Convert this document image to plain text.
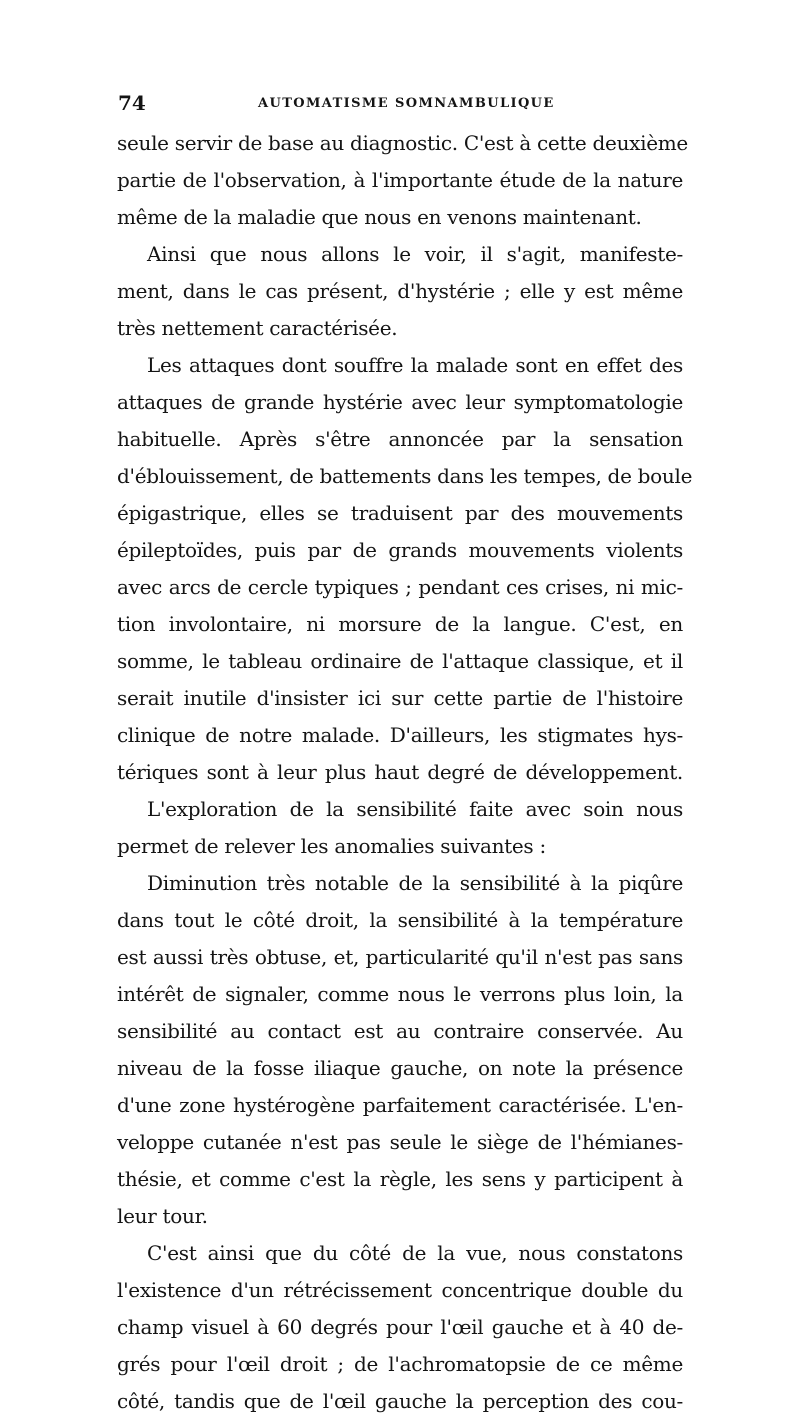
74	AUTOMATISME SOMNAMBULIQUE
seule servir de base au diagnostic. C'est à cette deuxième
partie de l'observation, à l'importante étude de la nature
même de la maladie que nous en venons maintenant.
Ainsi que nous allons le voir, il s'agit, manifeste-
ment, dans le cas présent, d'hystérie ; elle y est même
très nettement caractérisée.
Les attaques dont souffre la malade sont en effet des
attaques de grande hystérie avec leur symptomatologie
habituelle. Après s'être annoncée par la sensation
d'éblouissement, de battements dans les tempes, de boule
épigastrique, elles se traduisent par des mouvements
épileptoïdes, puis par de grands mouvements violents
avec arcs de cercle typiques ; pendant ces crises, ni mic-
tion involontaire, ni morsure de la langue. C'est, en
somme, le tableau ordinaire de l'attaque classique, et il
serait inutile d'insister ici sur cette partie de l'histoire
clinique de notre malade. D'ailleurs, les stigmates hys-
tériques sont à leur plus haut degré de développement.
L'exploration de la sensibilité faite avec soin nous
permet de relever les anomalies suivantes :
Diminution très notable de la sensibilité à la piqûre
dans tout le côté droit, la sensibilité à la température
est aussi très obtuse, et, particularité qu'il n'est pas sans
intérêt de signaler, comme nous le verrons plus loin, la
sensibilité au contact est au contraire conservée. Au
niveau de la fosse iliaque gauche, on note la présence
d'une zone hystérogène parfaitement caractérisée. L'en-
veloppe cutanée n'est pas seule le siège de l'hémianes-
thésie, et comme c'est la règle, les sens y participent à
leur tour.
C'est ainsi que du côté de la vue, nous constatons
l'existence d'un rétrécissement concentrique double du
champ visuel à 60 degrés pour l'œil gauche et à 40 de-
grés pour l'œil droit ; de l'achromatopsie de ce même
côté, tandis que de l'œil gauche la perception des cou-
